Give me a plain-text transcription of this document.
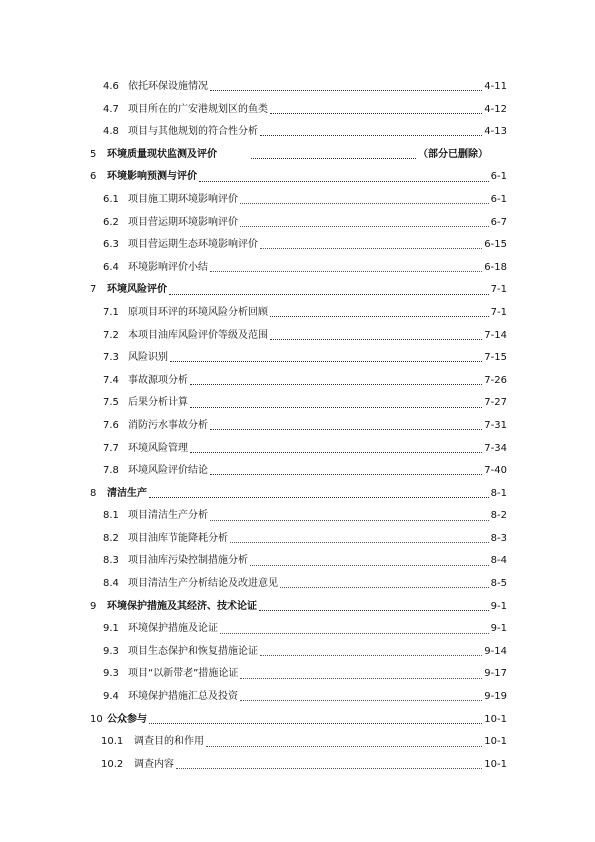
4.6 依托环保设施情况	4-11
4.7 项目所在的广安港规划区的鱼类	4-12
4.8 项目与其他规划的符合性分析	4-13
5	环境质量现状监测及评价	（部分已删除）
6	环境影响预测与评价	6-1
6.1 项目施工期环境影响评价	6-1
6.2 项目营运期环境影响评价	6-7
6.3 项目营运期生态环境影响评价	6-15
6.4 环境影响评价小结	6-18
7	环境风险评价	7-1
7.1 原项目环评的环境风险分析回顾	7-1
7.2 本项目油库风险评价等级及范围	7-14
7.3 风险识别	7-15
7.4 事故源项分析	7-26
7.5 后果分析计算	7-27
7.6 消防污水事故分析	7-31
7.7 环境风险管理	7-34
7.8 环境风险评价结论	7-40
8	清洁生产	8-1
8.1 项目清洁生产分析	8-2
8.2 项目油库节能降耗分析	8-3
8.3 项目油库污染控制措施分析	8-4
8.4 项目清洁生产分析结论及改进意见	8-5
9	环境保护措施及其经济、技术论证	9-1
9.1 环境保护措施及论证	9-1
9.3 项目生态保护和恢复措施论证	9-14
9.3 项目“以新带老”措施论证	9-17
9.4 环境保护措施汇总及投资	9-19
10 公众参与	10-1
10.1	调查目的和作用	10-1
10.2	调查内容	10-1
